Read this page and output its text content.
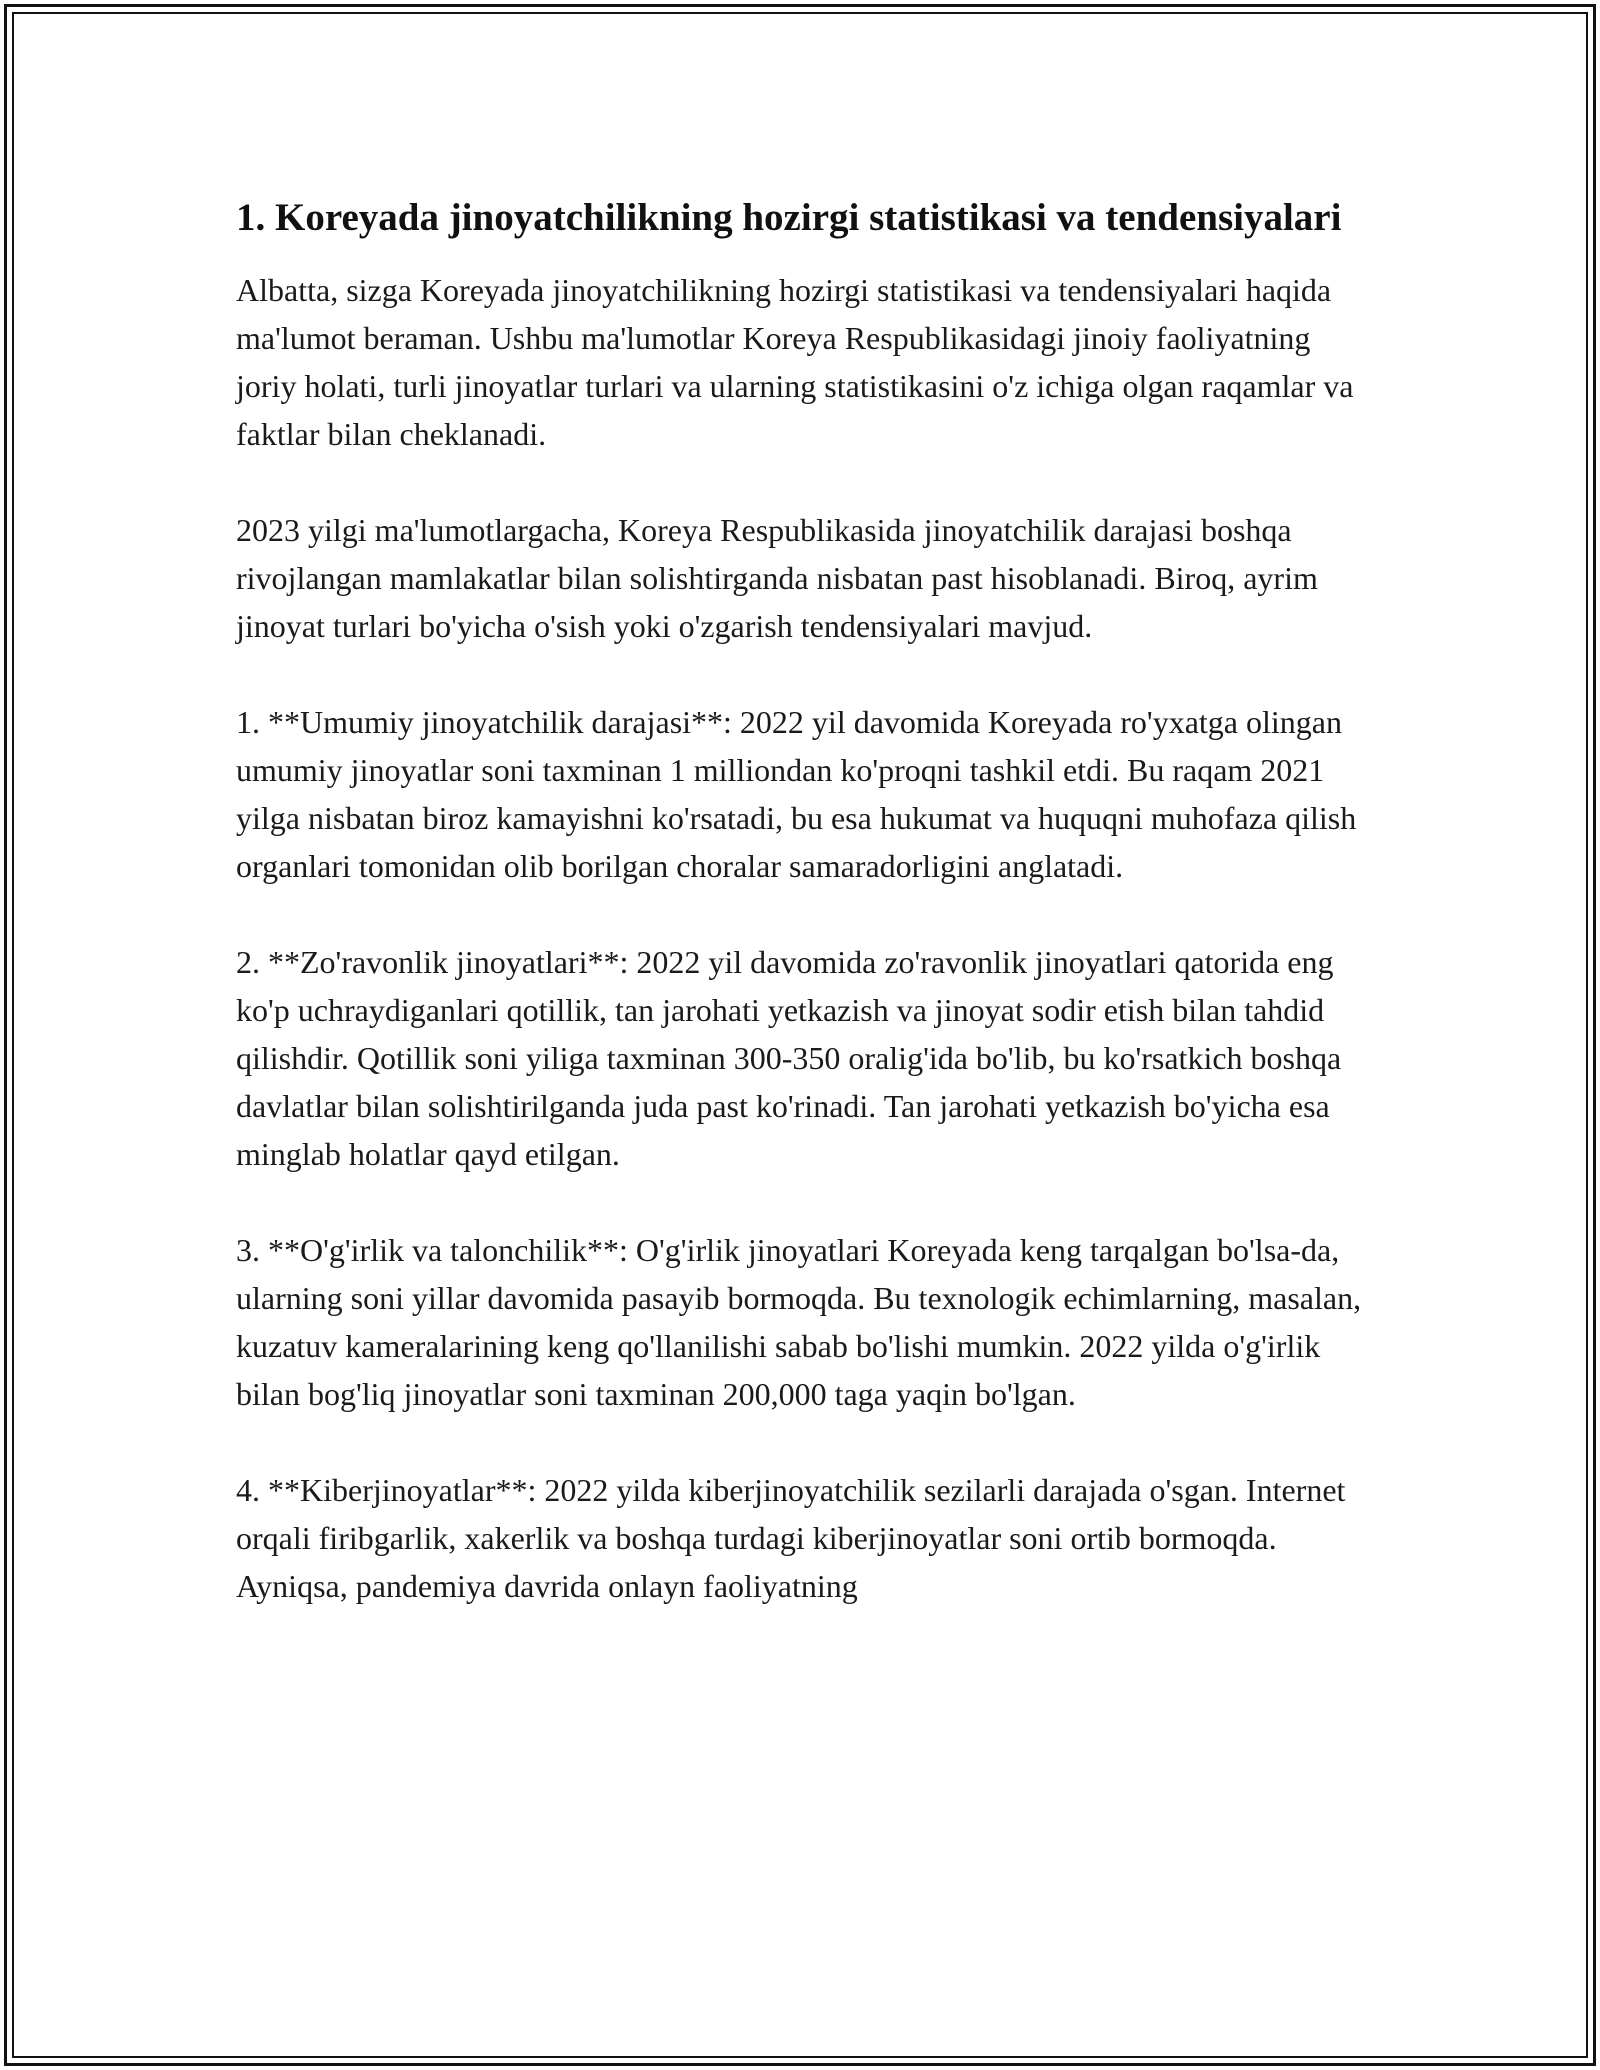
1. Koreyada jinoyatchilikning hozirgi statistikasi va tendensiyalari

Albatta, sizga Koreyada jinoyatchilikning hozirgi statistikasi va tendensiyalari haqida ma'lumot beraman. Ushbu ma'lumotlar Koreya Respublikasidagi jinoiy faoliyatning joriy holati, turli jinoyatlar turlari va ularning statistikasini o'z ichiga olgan raqamlar va faktlar bilan cheklanadi.

2023 yilgi ma'lumotlargacha, Koreya Respublikasida jinoyatchilik darajasi boshqa rivojlangan mamlakatlar bilan solishtirganda nisbatan past hisoblanadi. Biroq, ayrim jinoyat turlari bo'yicha o'sish yoki o'zgarish tendensiyalari mavjud.

1. **Umumiy jinoyatchilik darajasi**: 2022 yil davomida Koreyada ro'yxatga olingan umumiy jinoyatlar soni taxminan 1 milliondan ko'proqni tashkil etdi. Bu raqam 2021 yilga nisbatan biroz kamayishni ko'rsatadi, bu esa hukumat va huquqni muhofaza qilish organlari tomonidan olib borilgan choralar samaradorligini anglatadi.

2. **Zo'ravonlik jinoyatlari**: 2022 yil davomida zo'ravonlik jinoyatlari qatorida eng ko'p uchraydiganlari qotillik, tan jarohati yetkazish va jinoyat sodir etish bilan tahdid qilishdir. Qotillik soni yiliga taxminan 300-350 oralig'ida bo'lib, bu ko'rsatkich boshqa davlatlar bilan solishtirilganda juda past ko'rinadi. Tan jarohati yetkazish bo'yicha esa minglab holatlar qayd etilgan.

3. **O'g'irlik va talonchilik**: O'g'irlik jinoyatlari Koreyada keng tarqalgan bo'lsa-da, ularning soni yillar davomida pasayib bormoqda. Bu texnologik echimlarning, masalan, kuzatuv kameralarining keng qo'llanilishi sabab bo'lishi mumkin. 2022 yilda o'g'irlik bilan bog'liq jinoyatlar soni taxminan 200,000 taga yaqin bo'lgan.

4. **Kiberjinoyatlar**: 2022 yilda kiberjinoyatchilik sezilarli darajada o'sgan. Internet orqali firibgarlik, xakerlik va boshqa turdagi kiberjinoyatlar soni ortib bormoqda. Ayniqsa, pandemiya davrida onlayn faoliyatning
